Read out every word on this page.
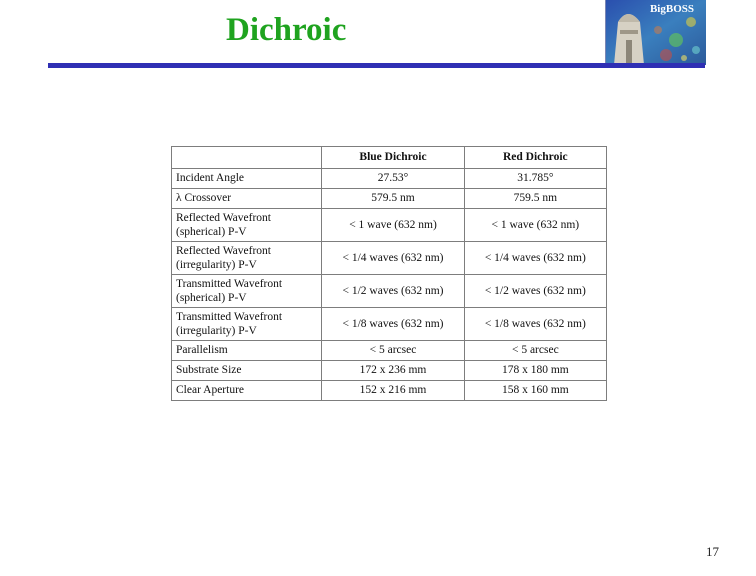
Dichroic
BigBOSS
	Blue Dichroic	Red Dichroic
Incident Angle	27.53°	31.785°
λ Crossover	579.5 nm	759.5 nm
Reflected Wavefront (spherical) P-V	< 1 wave (632 nm)	< 1 wave (632 nm)
Reflected Wavefront (irregularity) P-V	< 1/4 waves (632 nm)	< 1/4 waves (632 nm)
Transmitted Wavefront (spherical) P-V	< 1/2 waves (632 nm)	< 1/2 waves (632 nm)
Transmitted Wavefront (irregularity) P-V	< 1/8 waves (632 nm)	< 1/8 waves (632 nm)
Parallelism	< 5 arcsec	< 5 arcsec
Substrate Size	172 x 236 mm	178 x 180 mm
Clear Aperture	152 x 216 mm	158 x 160 mm
17
